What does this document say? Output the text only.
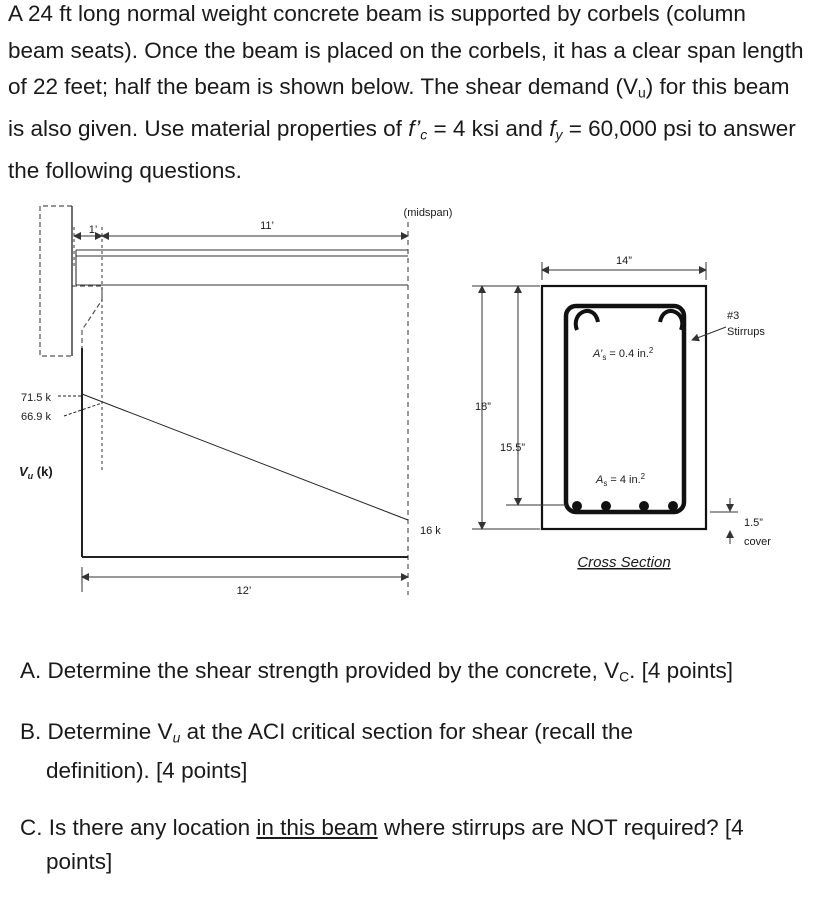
A 24 ft long normal weight concrete beam is supported by corbels (column beam seats). Once the beam is placed on the corbels, it has a clear span length of 22 feet; half the beam is shown below. The shear demand $(V_u)$ for this beam is also given. Use material properties of $f’_c = 4$ ksi and $f_y = 60,000$ psi to answer the following questions.

1’	11’
(midspan)
71.5 k
66.9 k
16 k
$V_u$ (k)
12’
14”
18”
15.5”
$A’_s = 0.4$ in.$^2$
$A_s = 4$ in.$^2$
#3
Stirrups
1.5”
cover
Cross Section

A. Determine the shear strength provided by the concrete, $V_C$. [4 points]

B. Determine $V_u$ at the ACI critical section for shear (recall the definition). [4 points]

C. Is there any location in this beam where stirrups are NOT required? [4 points]
